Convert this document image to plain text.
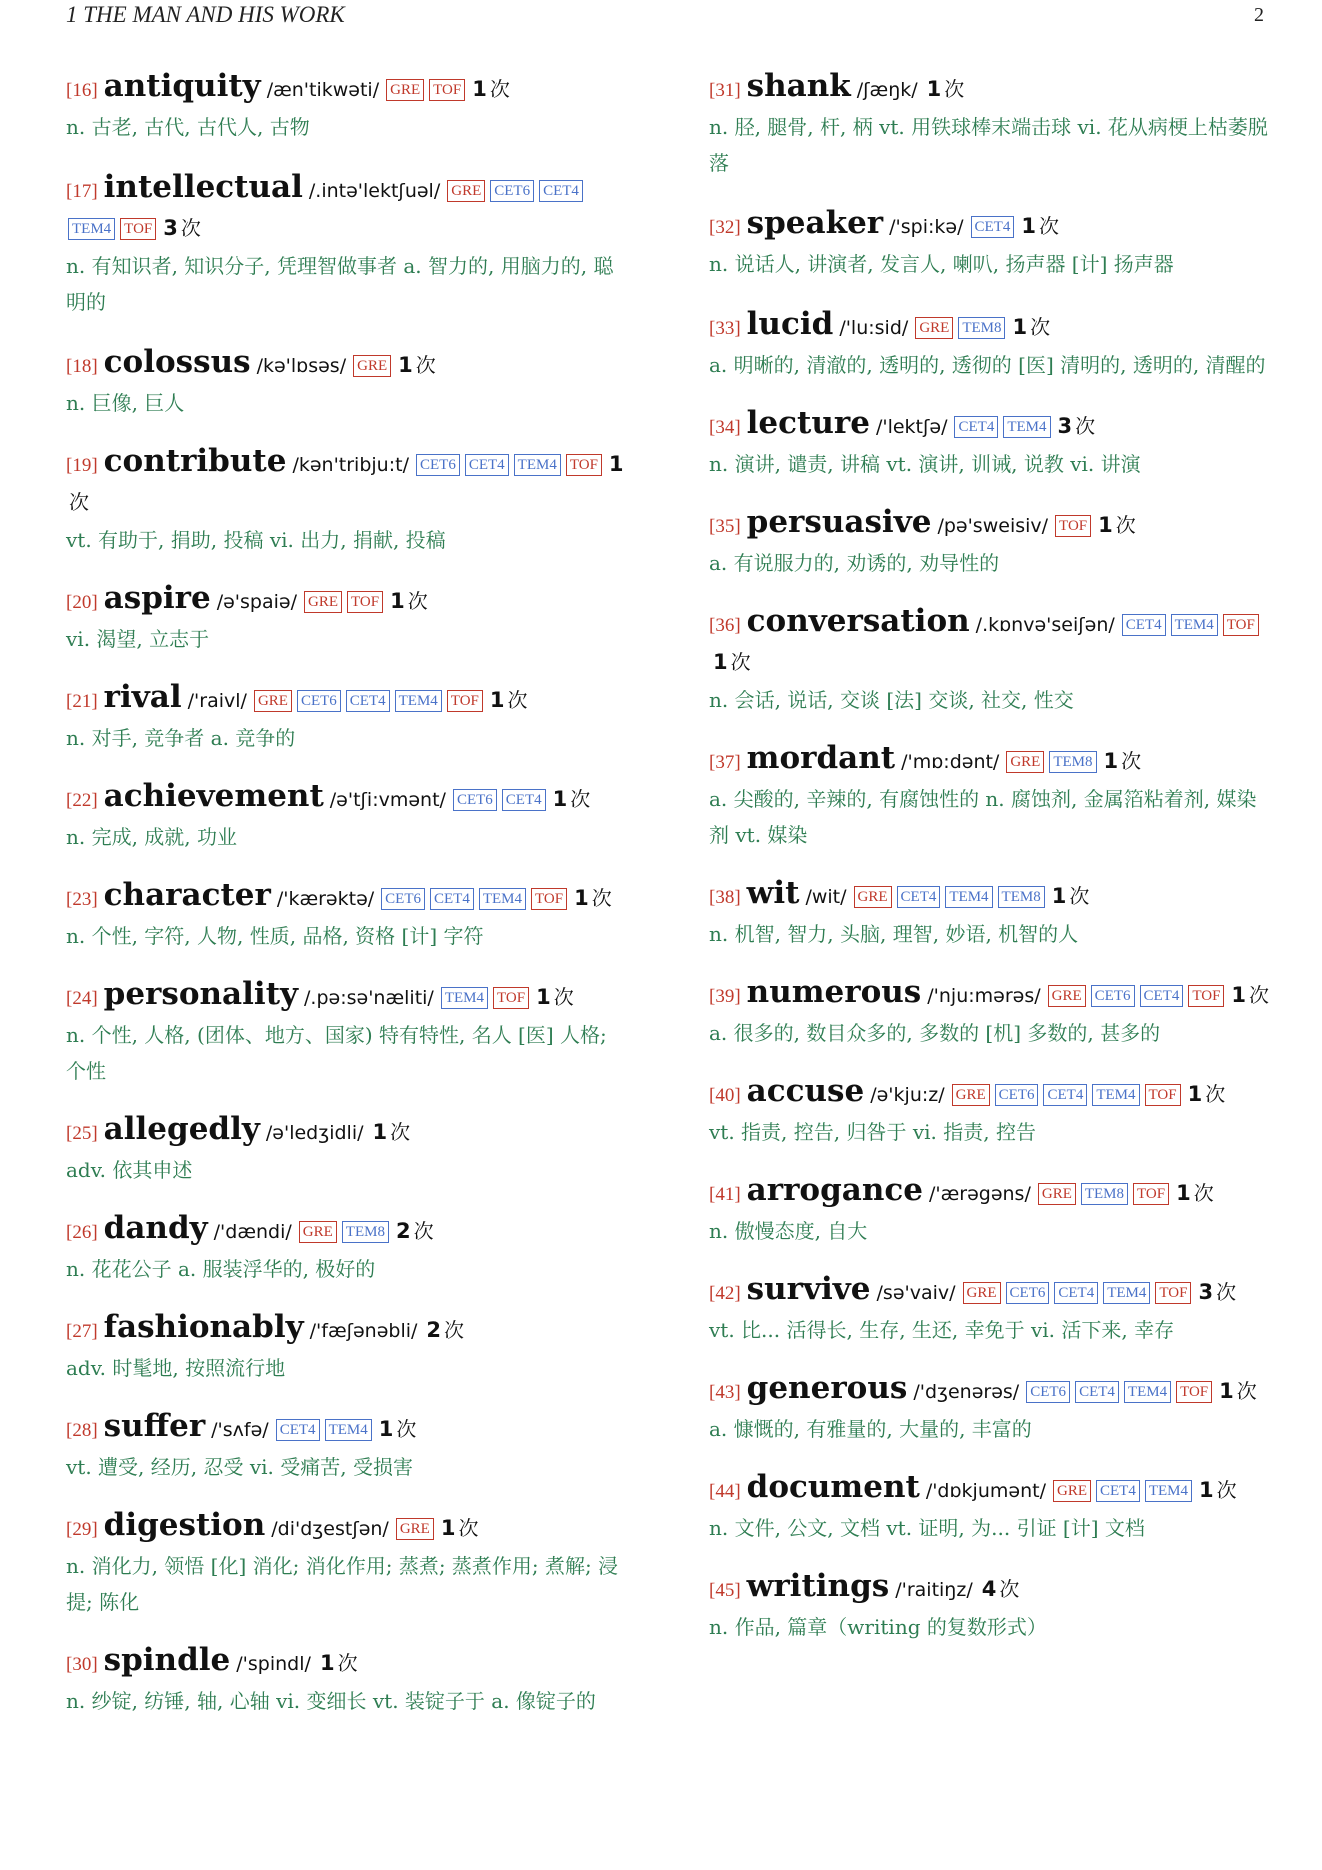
1 THE MAN AND HIS WORK	2
[16] antiquity /æn'tikwəti/ GRE TOF 1 次
n. 古老, 古代, 古代人, 古物
[17] intellectual /.intə'lektʃuəl/ GRE CET6 CET4TEM4 TOF 3 次
n. 有知识者, 知识分子, 凭理智做事者 a. 智力的, 用脑力的, 聪明的
[18] colossus /kə'lɒsəs/ GRE 1 次
n. 巨像, 巨人
[19] contribute /kən'tribju:t/ CET6 CET4 TEM4 TOF 1次
vt. 有助于, 捐助, 投稿 vi. 出力, 捐献, 投稿
[20] aspire /ə'spaiə/ GRE TOF 1 次
vi. 渴望, 立志于
[21] rival /'raivl/ GRE CET6 CET4 TEM4 TOF 1 次
n. 对手, 竞争者 a. 竞争的
[22] achievement /ə'tʃi:vmənt/ CET6 CET4 1 次
n. 完成, 成就, 功业
[23] character /'kærəktə/ CET6 CET4 TEM4 TOF 1 次
n. 个性, 字符, 人物, 性质, 品格, 资格 [计] 字符
[24] personality /.pə:sə'næliti/ TEM4 TOF 1 次
n. 个性, 人格, (团体、地方、国家) 特有特性, 名人 [医] 人格; 个性
[25] allegedly /ə'ledʒidli/ 1 次
adv. 依其申述
[26] dandy /'dændi/ GRE TEM8 2 次
n. 花花公子 a. 服装浮华的, 极好的
[27] fashionably /'fæʃənəbli/ 2 次
adv. 时髦地, 按照流行地
[28] suffer /'sʌfə/ CET4 TEM4 1 次
vt. 遭受, 经历, 忍受 vi. 受痛苦, 受损害
[29] digestion /di'dʒestʃən/ GRE 1 次
n. 消化力, 领悟 [化] 消化; 消化作用; 蒸煮; 蒸煮作用; 煮解; 浸提; 陈化
[30] spindle /'spindl/ 1 次
n. 纱锭, 纺锤, 轴, 心轴 vi. 变细长 vt. 装锭子于 a. 像锭子的
[31] shank /ʃæŋk/ 1 次
n. 胫, 腿骨, 杆, 柄 vt. 用铁球棒末端击球 vi. 花从病梗上枯萎脱落
[32] speaker /'spi:kə/ CET4 1 次
n. 说话人, 讲演者, 发言人, 喇叭, 扬声器 [计] 扬声器
[33] lucid /'lu:sid/ GRE TEM8 1 次
a. 明晰的, 清澈的, 透明的, 透彻的 [医] 清明的, 透明的, 清醒的
[34] lecture /'lektʃə/ CET4 TEM4 3 次
n. 演讲, 谴责, 讲稿 vt. 演讲, 训诫, 说教 vi. 讲演
[35] persuasive /pə'sweisiv/ TOF 1 次
a. 有说服力的, 劝诱的, 劝导性的
[36] conversation /.kɒnvə'seiʃən/ CET4 TEM4 TOF1 次
n. 会话, 说话, 交谈 [法] 交谈, 社交, 性交
[37] mordant /'mɒ:dənt/ GRE TEM8 1 次
a. 尖酸的, 辛辣的, 有腐蚀性的 n. 腐蚀剂, 金属箔粘着剂, 媒染剂 vt. 媒染
[38] wit /wit/ GRE CET4 TEM4 TEM8 1 次
n. 机智, 智力, 头脑, 理智, 妙语, 机智的人
[39] numerous /'nju:mərəs/ GRE CET6 CET4 TOF 1 次
a. 很多的, 数目众多的, 多数的 [机] 多数的, 甚多的
[40] accuse /ə'kju:z/ GRE CET6 CET4 TEM4 TOF 1 次
vt. 指责, 控告, 归咎于 vi. 指责, 控告
[41] arrogance /'ærəgəns/ GRE TEM8 TOF 1 次
n. 傲慢态度, 自大
[42] survive /sə'vaiv/ GRE CET6 CET4 TEM4 TOF 3 次
vt. 比... 活得长, 生存, 生还, 幸免于 vi. 活下来, 幸存
[43] generous /'dʒenərəs/ CET6 CET4 TEM4 TOF 1 次
a. 慷慨的, 有雅量的, 大量的, 丰富的
[44] document /'dɒkjumənt/ GRE CET4 TEM4 1 次
n. 文件, 公文, 文档 vt. 证明, 为... 引证 [计] 文档
[45] writings /'raitiŋz/ 4 次
n. 作品, 篇章（writing 的复数形式）
